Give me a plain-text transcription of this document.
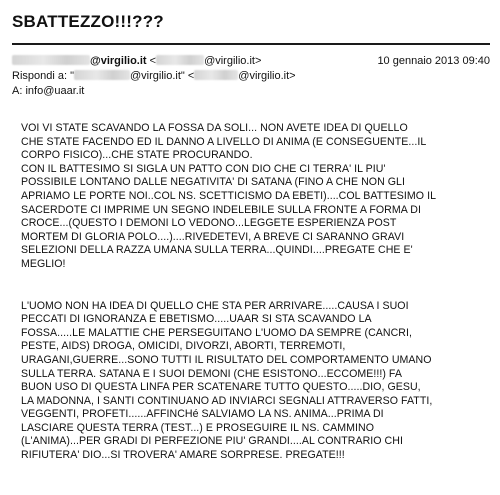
SBATTEZZO!!!???
@virgilio.it <	@virgilio.it>	10 gennaio 2013 09:40
Rispondi a: "	@virgilio.it" <	@virgilio.it>
A: info@uaar.it

VOI VI STATE SCAVANDO LA FOSSA DA SOLI... NON AVETE IDEA DI QUELLO
CHE STATE FACENDO ED IL DANNO A LIVELLO DI ANIMA (E CONSEGUENTE...IL
CORPO FISICO)...CHE STATE PROCURANDO.
CON IL BATTESIMO SI SIGLA UN PATTO CON DIO CHE CI TERRA' IL PIU'
POSSIBILE LONTANO DALLE NEGATIVITA' DI SATANA (FINO A CHE NON GLI
APRIAMO LE PORTE NOI..COL NS. SCETTICISMO DA EBETI)....COL BATTESIMO IL
SACERDOTE CI IMPRIME UN SEGNO INDELEBILE SULLA FRONTE A FORMA DI
CROCE...(QUESTO I DEMONI LO VEDONO...LEGGETE ESPERIENZA POST
MORTEM DI GLORIA POLO....)....RIVEDETEVI, A BREVE CI SARANNO GRAVI
SELEZIONI DELLA RAZZA UMANA SULLA TERRA...QUINDI....PREGATE CHE E'
MEGLIO!

L'UOMO NON HA IDEA DI QUELLO CHE STA PER ARRIVARE.....CAUSA I SUOI
PECCATI DI IGNORANZA E EBETISMO.....UAAR SI STA SCAVANDO LA
FOSSA.....LE MALATTIE CHE PERSEGUITANO L'UOMO DA SEMPRE (CANCRI,
PESTE, AIDS) DROGA, OMICIDI, DIVORZI, ABORTI, TERREMOTI,
URAGANI,GUERRE...SONO TUTTI IL RISULTATO DEL COMPORTAMENTO UMANO
SULLA TERRA. SATANA E I SUOI DEMONI (CHE ESISTONO...ECCOME!!!) FA
BUON USO DI QUESTA LINFA PER SCATENARE TUTTO QUESTO.....DIO, GESU,
LA MADONNA, I SANTI CONTINUANO AD INVIARCI SEGNALI ATTRAVERSO FATTI,
VEGGENTI, PROFETI......AFFINCHé SALVIAMO LA NS. ANIMA...PRIMA DI
LASCIARE QUESTA TERRA (TEST...) E PROSEGUIRE IL NS. CAMMINO
(L'ANIMA)...PER GRADI DI PERFEZIONE PIU' GRANDI....AL CONTRARIO CHI
RIFIUTERA' DIO...SI TROVERA' AMARE SORPRESE. PREGATE!!!
